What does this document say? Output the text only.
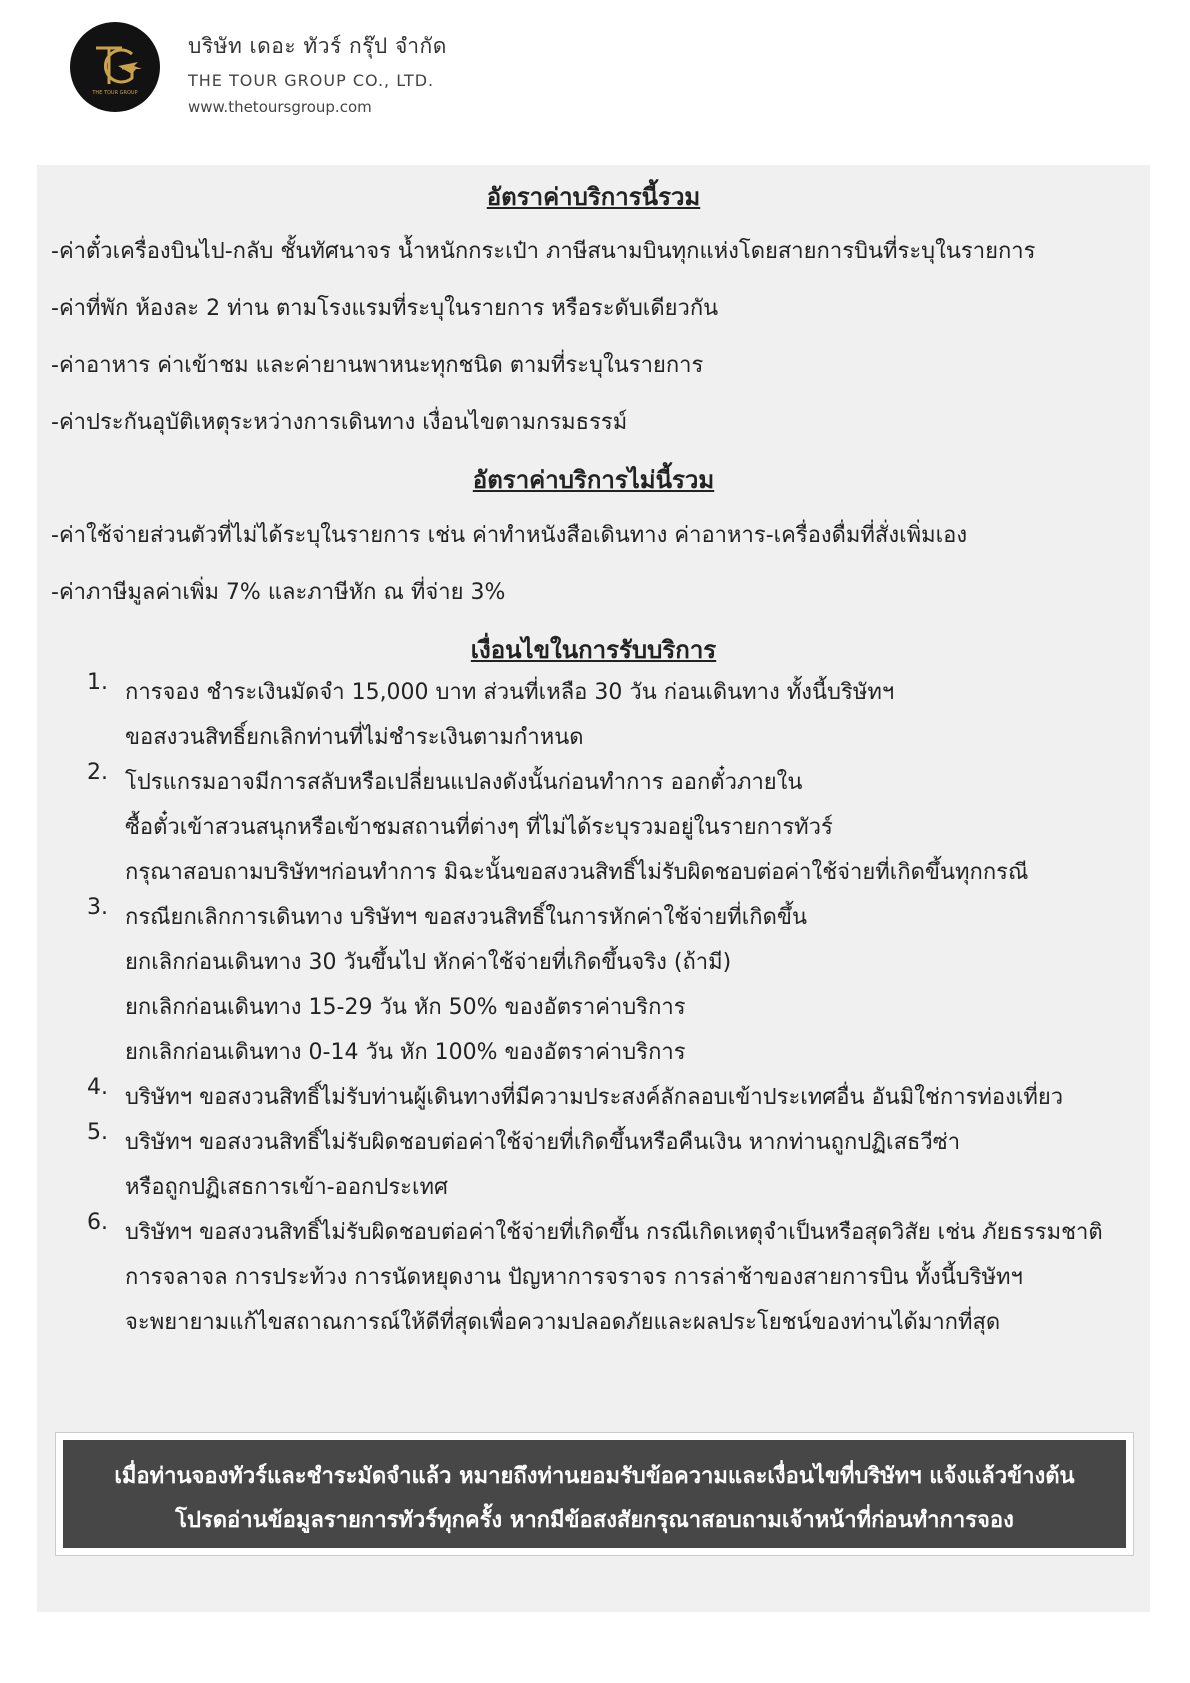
THE TOUR GROUP
บริษัท เดอะ ทัวร์ กรุ๊ป จำกัด
THE TOUR GROUP CO., LTD.
www.thetoursgroup.com
อัตราค่าบริการนี้รวม
-ค่าตั๋วเครื่องบินไป-กลับ ชั้นทัศนาจร น้ำหนักกระเป๋า ภาษีสนามบินทุกแห่งโดยสายการบินที่ระบุในรายการ
-ค่าที่พัก ห้องละ 2 ท่าน ตามโรงแรมที่ระบุในรายการ หรือระดับเดียวกัน
-ค่าอาหาร ค่าเข้าชม และค่ายานพาหนะทุกชนิด ตามที่ระบุในรายการ
-ค่าประกันอุบัติเหตุระหว่างการเดินทาง เงื่อนไขตามกรมธรรม์
อัตราค่าบริการไม่นี้รวม
-ค่าใช้จ่ายส่วนตัวที่ไม่ได้ระบุในรายการ เช่น ค่าทำหนังสือเดินทาง ค่าอาหาร-เครื่องดื่มที่สั่งเพิ่มเอง
-ค่าภาษีมูลค่าเพิ่ม 7% และภาษีหัก ณ ที่จ่าย 3%
เงื่อนไขในการรับบริการ
1. การจอง ชำระเงินมัดจำ 15,000 บาท ส่วนที่เหลือ 30 วัน ก่อนเดินทาง ทั้งนี้บริษัทฯ
ขอสงวนสิทธิ์ยกเลิกท่านที่ไม่ชำระเงินตามกำหนด
2. โปรแกรมอาจมีการสลับหรือเปลี่ยนแปลงดังนั้นก่อนทำการ ออกตั๋วภายใน
ซื้อตั๋วเข้าสวนสนุกหรือเข้าชมสถานที่ต่างๆ ที่ไม่ได้ระบุรวมอยู่ในรายการทัวร์
กรุณาสอบถามบริษัทฯก่อนทำการ มิฉะนั้นขอสงวนสิทธิ์ไม่รับผิดชอบต่อค่าใช้จ่ายที่เกิดขึ้นทุกกรณี
3. กรณียกเลิกการเดินทาง บริษัทฯ ขอสงวนสิทธิ์ในการหักค่าใช้จ่ายที่เกิดขึ้น
ยกเลิกก่อนเดินทาง 30 วันขึ้นไป หักค่าใช้จ่ายที่เกิดขึ้นจริง (ถ้ามี)
ยกเลิกก่อนเดินทาง 15-29 วัน หัก 50% ของอัตราค่าบริการ
ยกเลิกก่อนเดินทาง 0-14 วัน หัก 100% ของอัตราค่าบริการ
4. บริษัทฯ ขอสงวนสิทธิ์ไม่รับท่านผู้เดินทางที่มีความประสงค์ลักลอบเข้าประเทศอื่น อันมิใช่การท่องเที่ยว
5. บริษัทฯ ขอสงวนสิทธิ์ไม่รับผิดชอบต่อค่าใช้จ่ายที่เกิดขึ้นหรือคืนเงิน หากท่านถูกปฏิเสธวีซ่า
หรือถูกปฏิเสธการเข้า-ออกประเทศ
6. บริษัทฯ ขอสงวนสิทธิ์ไม่รับผิดชอบต่อค่าใช้จ่ายที่เกิดขึ้น กรณีเกิดเหตุจำเป็นหรือสุดวิสัย เช่น ภัยธรรมชาติ
การจลาจล การประท้วง การนัดหยุดงาน ปัญหาการจราจร การล่าช้าของสายการบิน ทั้งนี้บริษัทฯ
จะพยายามแก้ไขสถาณการณ์ให้ดีที่สุดเพื่อความปลอดภัยและผลประโยชน์ของท่านได้มากที่สุด
เมื่อท่านจองทัวร์และชำระมัดจำแล้ว หมายถึงท่านยอมรับข้อความและเงื่อนไขที่บริษัทฯ แจ้งแล้วข้างต้น
โปรดอ่านข้อมูลรายการทัวร์ทุกครั้ง หากมีข้อสงสัยกรุณาสอบถามเจ้าหน้าที่ก่อนทำการจอง
